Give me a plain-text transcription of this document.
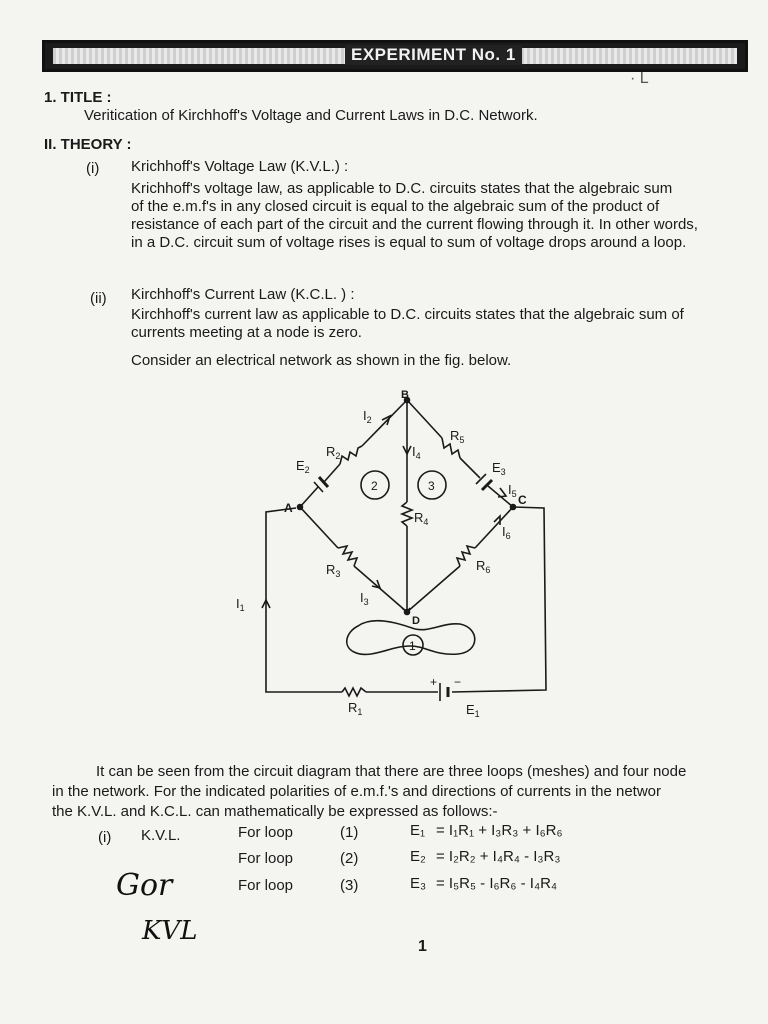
EXPERIMENT No. 1
· L
1. TITLE :
Veritication of Kirchhoff's Voltage and Current Laws in D.C. Network.
II. THEORY :
(i) Krichhoff's Voltage Law (K.V.L.) :
Krichhoff's voltage law, as applicable to D.C. circuits states that the algebraic sum
of the e.m.f's in any closed circuit is equal to the algebraic sum of the product of
resistance of each part of the circuit and the current flowing through it. In other words,
in a D.C. circuit sum of voltage rises is equal to sum of voltage drops around a loop.
(ii) Kirchhoff's Current Law (K.C.L. ) :
Kirchhoff's current law as applicable to D.C. circuits states that the algebraic sum of
currents meeting at a node is zero.
Consider an electrical network as shown in the fig. below.
A
B
C
D
$R_1$
$R_2$
$R_3$
$R_4$
$R_5$
$R_6$
$E_1$
$E_2$	$E_3$
$I_1$
$I_2$
$I_3$
$I_4$
$I_5$
$I_6$
1
2	3
+ −
It can be seen from the circuit diagram that there are three loops (meshes) and four node
in the network. For the indicated polarities of e.m.f.'s and directions of currents in the networ
the K.V.L. and K.C.L. can mathematically be expressed as follows:-
(i) K.V.L.	For loop	(1)	E₁ = I₁R₁ + I₃R₃ + I₆R₆
For loop	(2)	E₂ = I₂R₂ + I₄R₄ - I₃R₃
For loop	(3)	E₃ = I₅R₅ - I₆R₆ - I₄R₄
Gor
KVL
1
